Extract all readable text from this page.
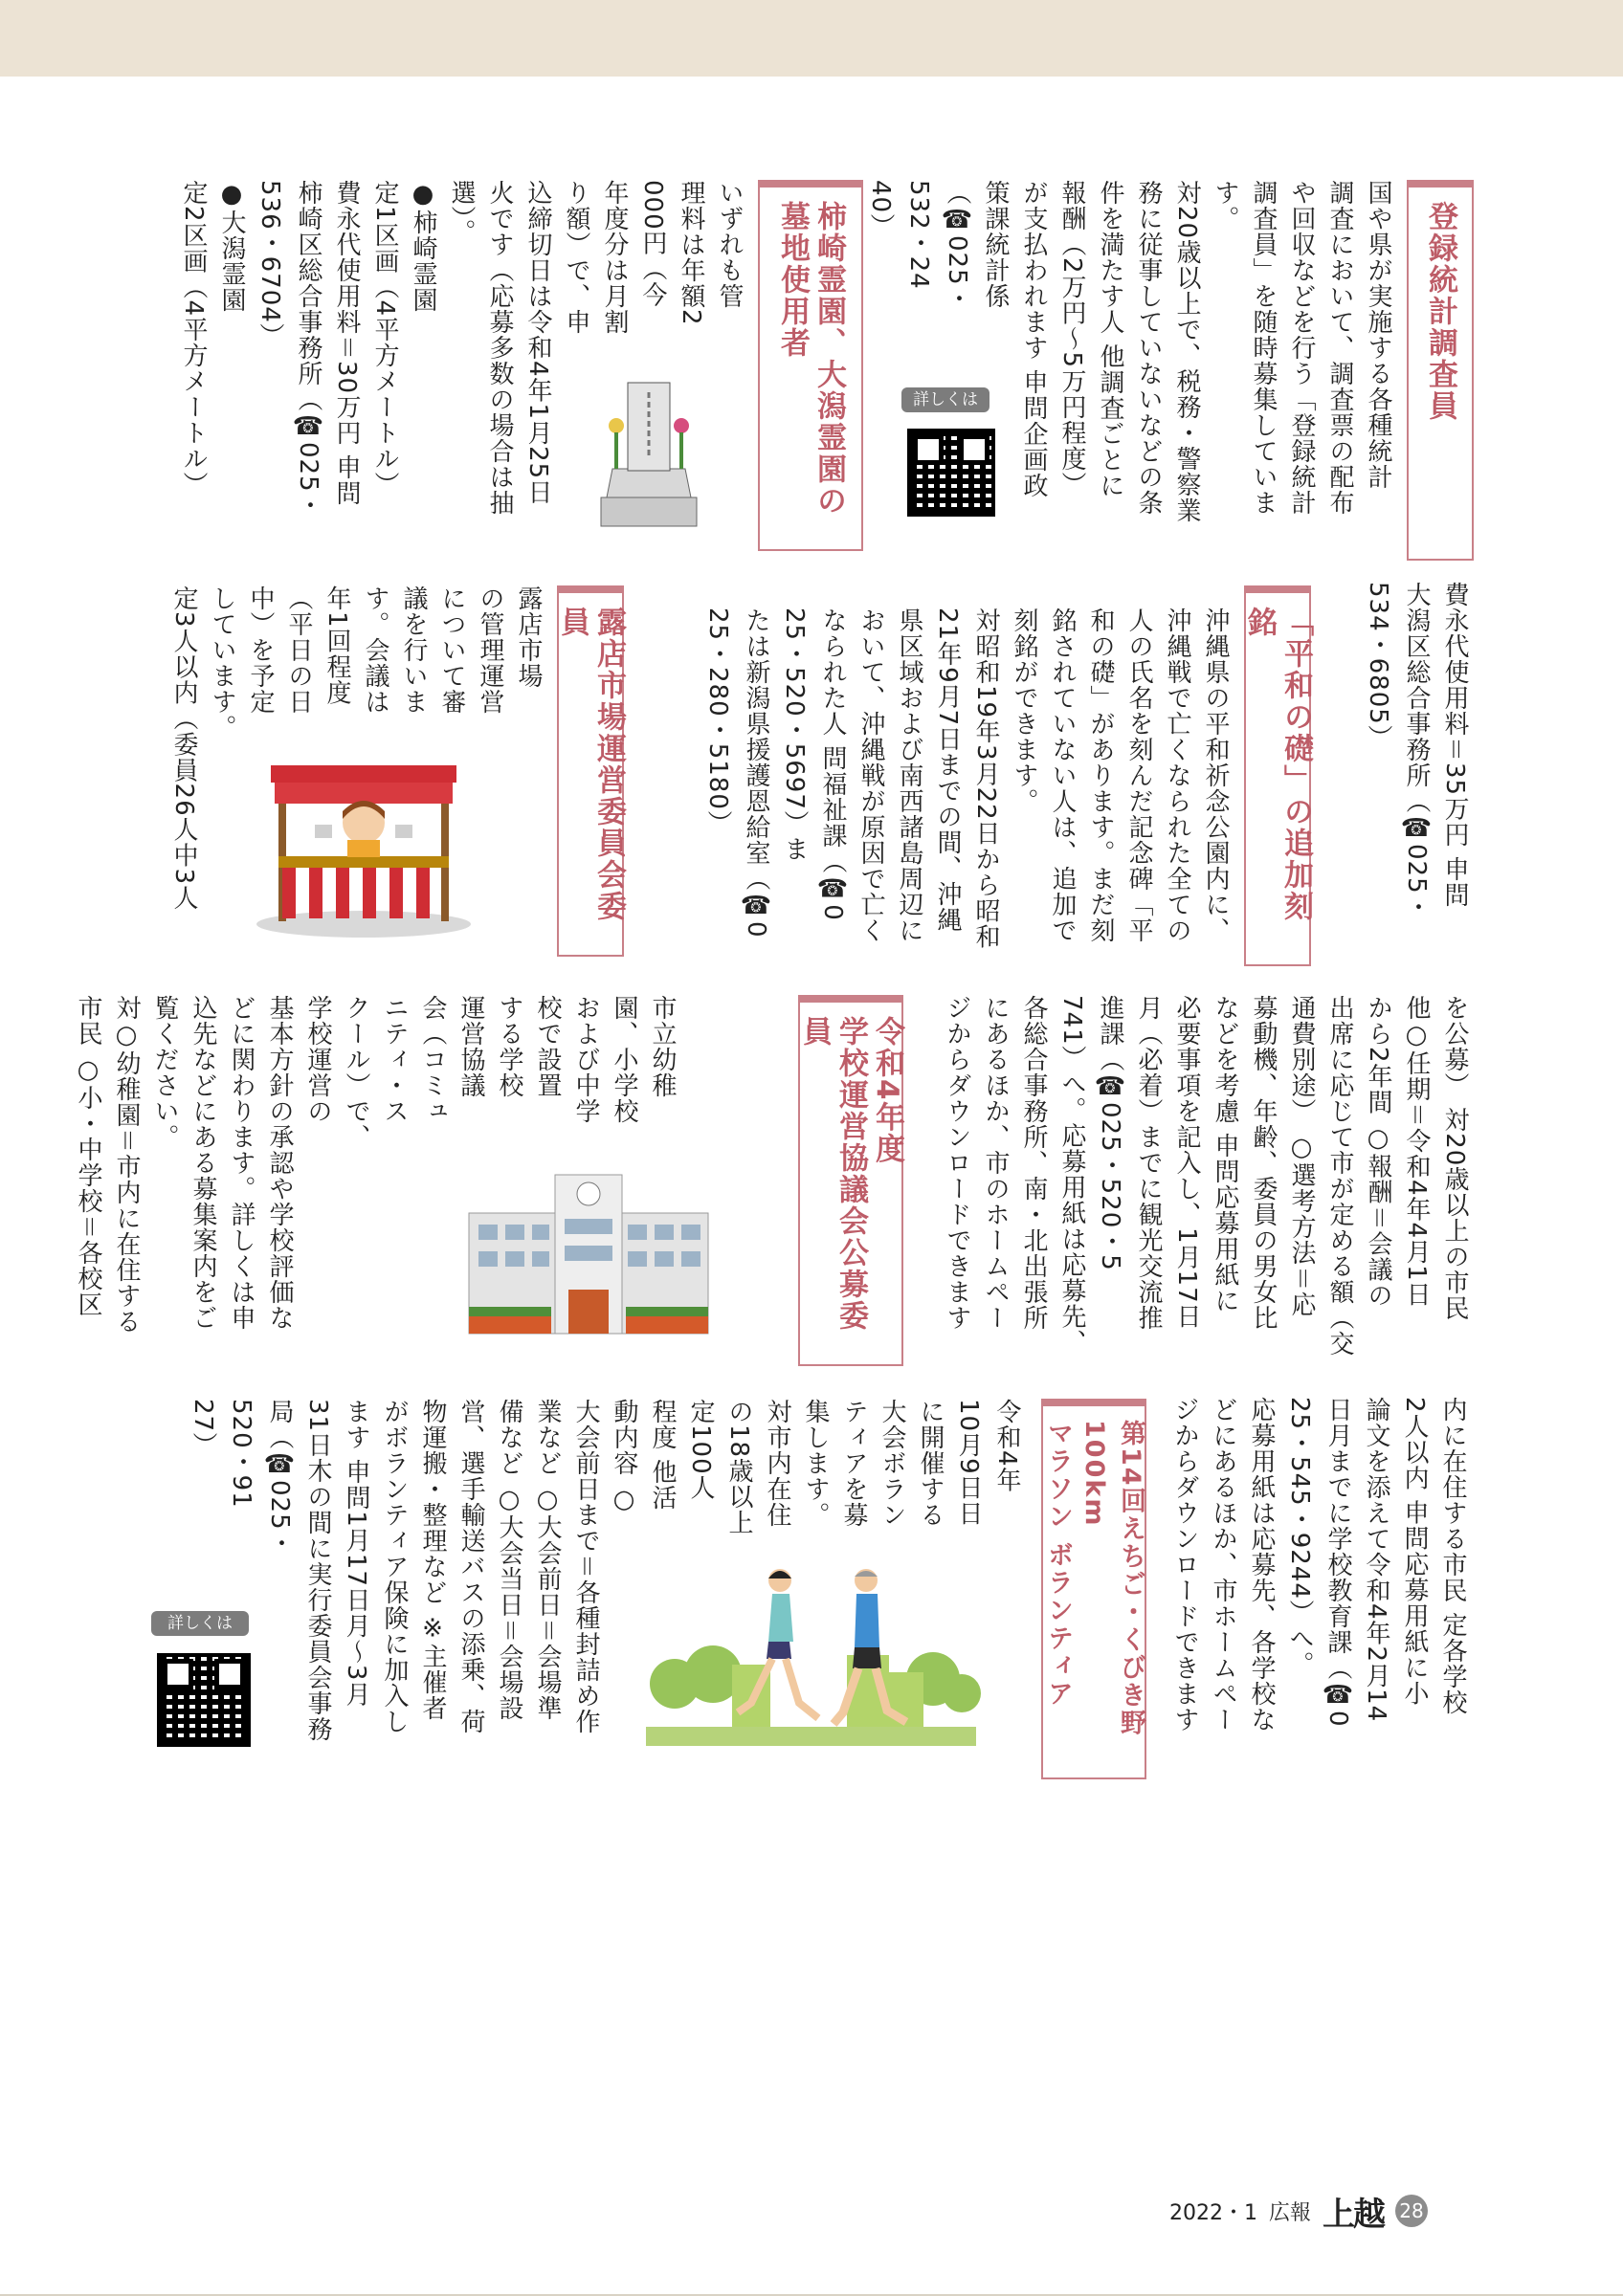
登録統計調査員
国や県が実施する各種統計
調査において、調査票の配布
や回収などを行う「登録統計
調査員」を随時募集しています。
対20歳以上で、税務・警察業
務に従事していないなどの条
件を満たす人 他調査ごとに
報酬（2万円～5万円程度）
が支払われます 申問企画政
策課統計係
（☎025・
532・24
40）
詳しくは
柿崎霊園、大潟霊園の
墓地使用者
いずれも管
理料は年額2
000円（今
年度分は月割
り額）で、申
込締切日は令和4年1月25日
火です（応募多数の場合は抽
選）。
●柿崎霊園
定1区画（4平方メートル）
費永代使用料＝30万円 申問
柿崎区総合事務所（☎025・
536・6704）
●大潟霊園
定2区画（4平方メートル）
費永代使用料＝35万円 申問
大潟区総合事務所（☎025・
534・6805）
「平和の礎」の追加刻銘
沖縄県の平和祈念公園内に、
沖縄戦で亡くなられた全ての
人の氏名を刻んだ記念碑「平
和の礎」があります。まだ刻
銘されていない人は、追加で
刻銘ができます。
対昭和19年3月22日から昭和
21年9月7日までの間、沖縄
県区域および南西諸島周辺に
おいて、沖縄戦が原因で亡く
なられた人 問福祉課（☎0
25・520・5697）ま
たは新潟県援護恩給室（☎0
25・280・5180）
露店市場運営委員会委員
露店市場
の管理運営
について審
議を行いま
す。会議は
年1回程度
（平日の日
中）を予定
しています。
定3人以内（委員26人中3人
を公募） 対20歳以上の市民
他○任期＝令和4年4月1日
から2年間 ○報酬＝会議の
出席に応じて市が定める額（交
通費別途） ○選考方法＝応
募動機、年齢、委員の男女比
などを考慮 申問応募用紙に
必要事項を記入し、1月17日
月（必着）までに観光交流推
進課（☎025・520・5
741）へ。応募用紙は応募先、
各総合事務所、南・北出張所
にあるほか、市のホームペー
ジからダウンロードできます
令和4年度
学校運営協議会公募委員
市立幼稚
園、小学校
および中学
校で設置
する学校
運営協議
会（コミュ
ニティ・ス
クール）で、
学校運営の
基本方針の承認や学校評価な
どに関わります。詳しくは申
込先などにある募集案内をご
覧ください。
対○幼稚園＝市内に在住する
市民 ○小・中学校＝各校区
内に在住する市民 定各学校
2人以内 申問応募用紙に小
論文を添えて令和4年2月14
日月までに学校教育課（☎0
25・545・9244）へ。
応募用紙は応募先、各学校な
どにあるほか、市ホームペー
ジからダウンロードできます
第14回えちご・くびき野100km
マラソン ボランティア
令和4年
10月9日日
に開催する
大会ボラン
ティアを募
集します。
対市内在住
の18歳以上
定100人
程度 他活
動内容 ○
大会前日まで＝各種封詰め作
業など ○大会前日＝会場準
備など ○大会当日＝会場設
営、選手輸送バスの添乗、荷
物運搬・整理など ※主催者
がボランティア保険に加入し
ます 申問1月17日月～3月
31日木の間に実行委員会事務
局（☎025・
520・91
27）
詳しくは
2022・1 広報 上越 28
